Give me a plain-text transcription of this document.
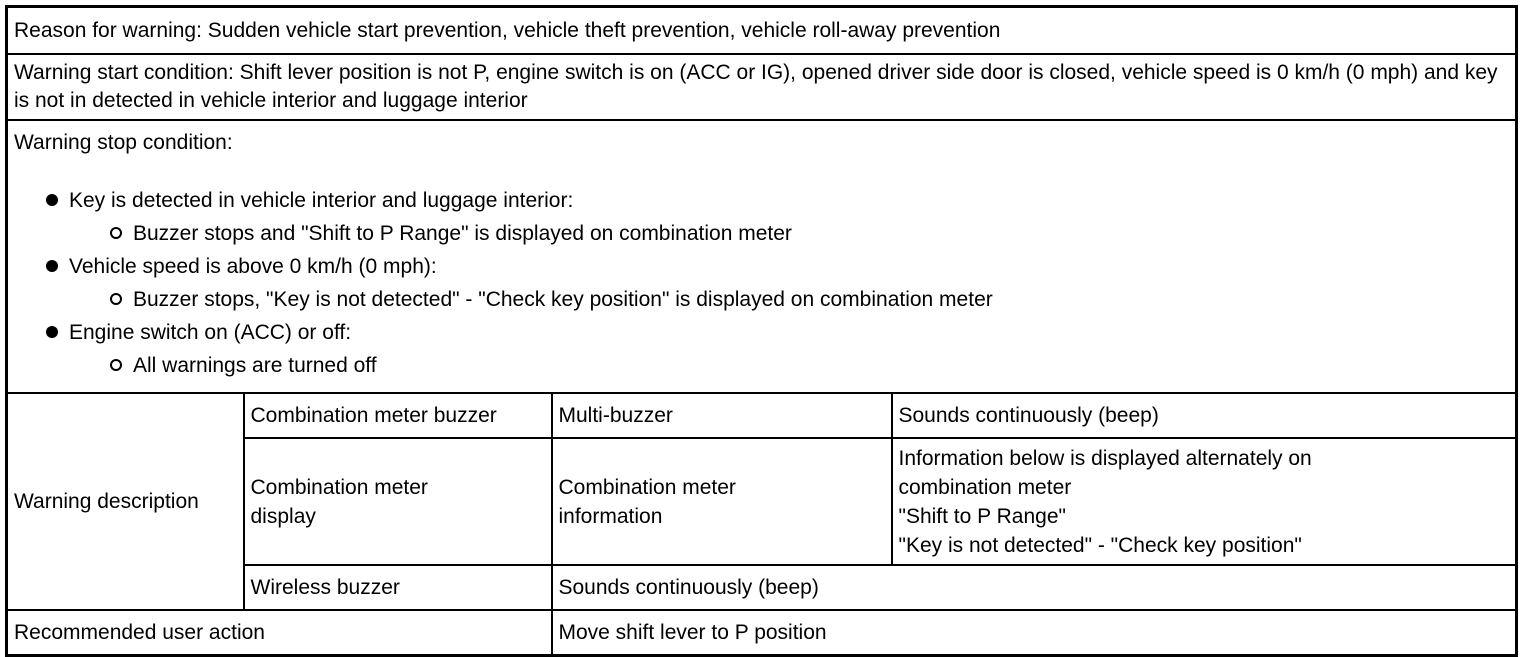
Reason for warning: Sudden vehicle start prevention, vehicle theft prevention, vehicle roll-away prevention			
Warning start condition: Shift lever position is not P, engine switch is on (ACC or IG), opened driver side door is closed, vehicle speed is 0 km/h (0 mph) and key is not in detected in vehicle interior and luggage interior			

Warning stop condition:
Key is detected in vehicle interior and luggage interior:
Buzzer stops and "Shift to P Range" is displayed on combination meter
Vehicle speed is above 0 km/h (0 mph):
Buzzer stops, "Key is not detected" - "Check key position" is displayed on combination meter
Engine switch on (ACC) or off:
All warnings are turned off

Warning description	Combination meter buzzer	Multi-buzzer	Sounds continuously (beep)

	Combination meter display	Combination meter information	Information below is displayed alternately on combination meter
"Shift to P Range"
"Key is not detected" - "Check key position"

	Wireless buzzer	Sounds continuously (beep)	
Recommended user action		Move shift lever to P position	
